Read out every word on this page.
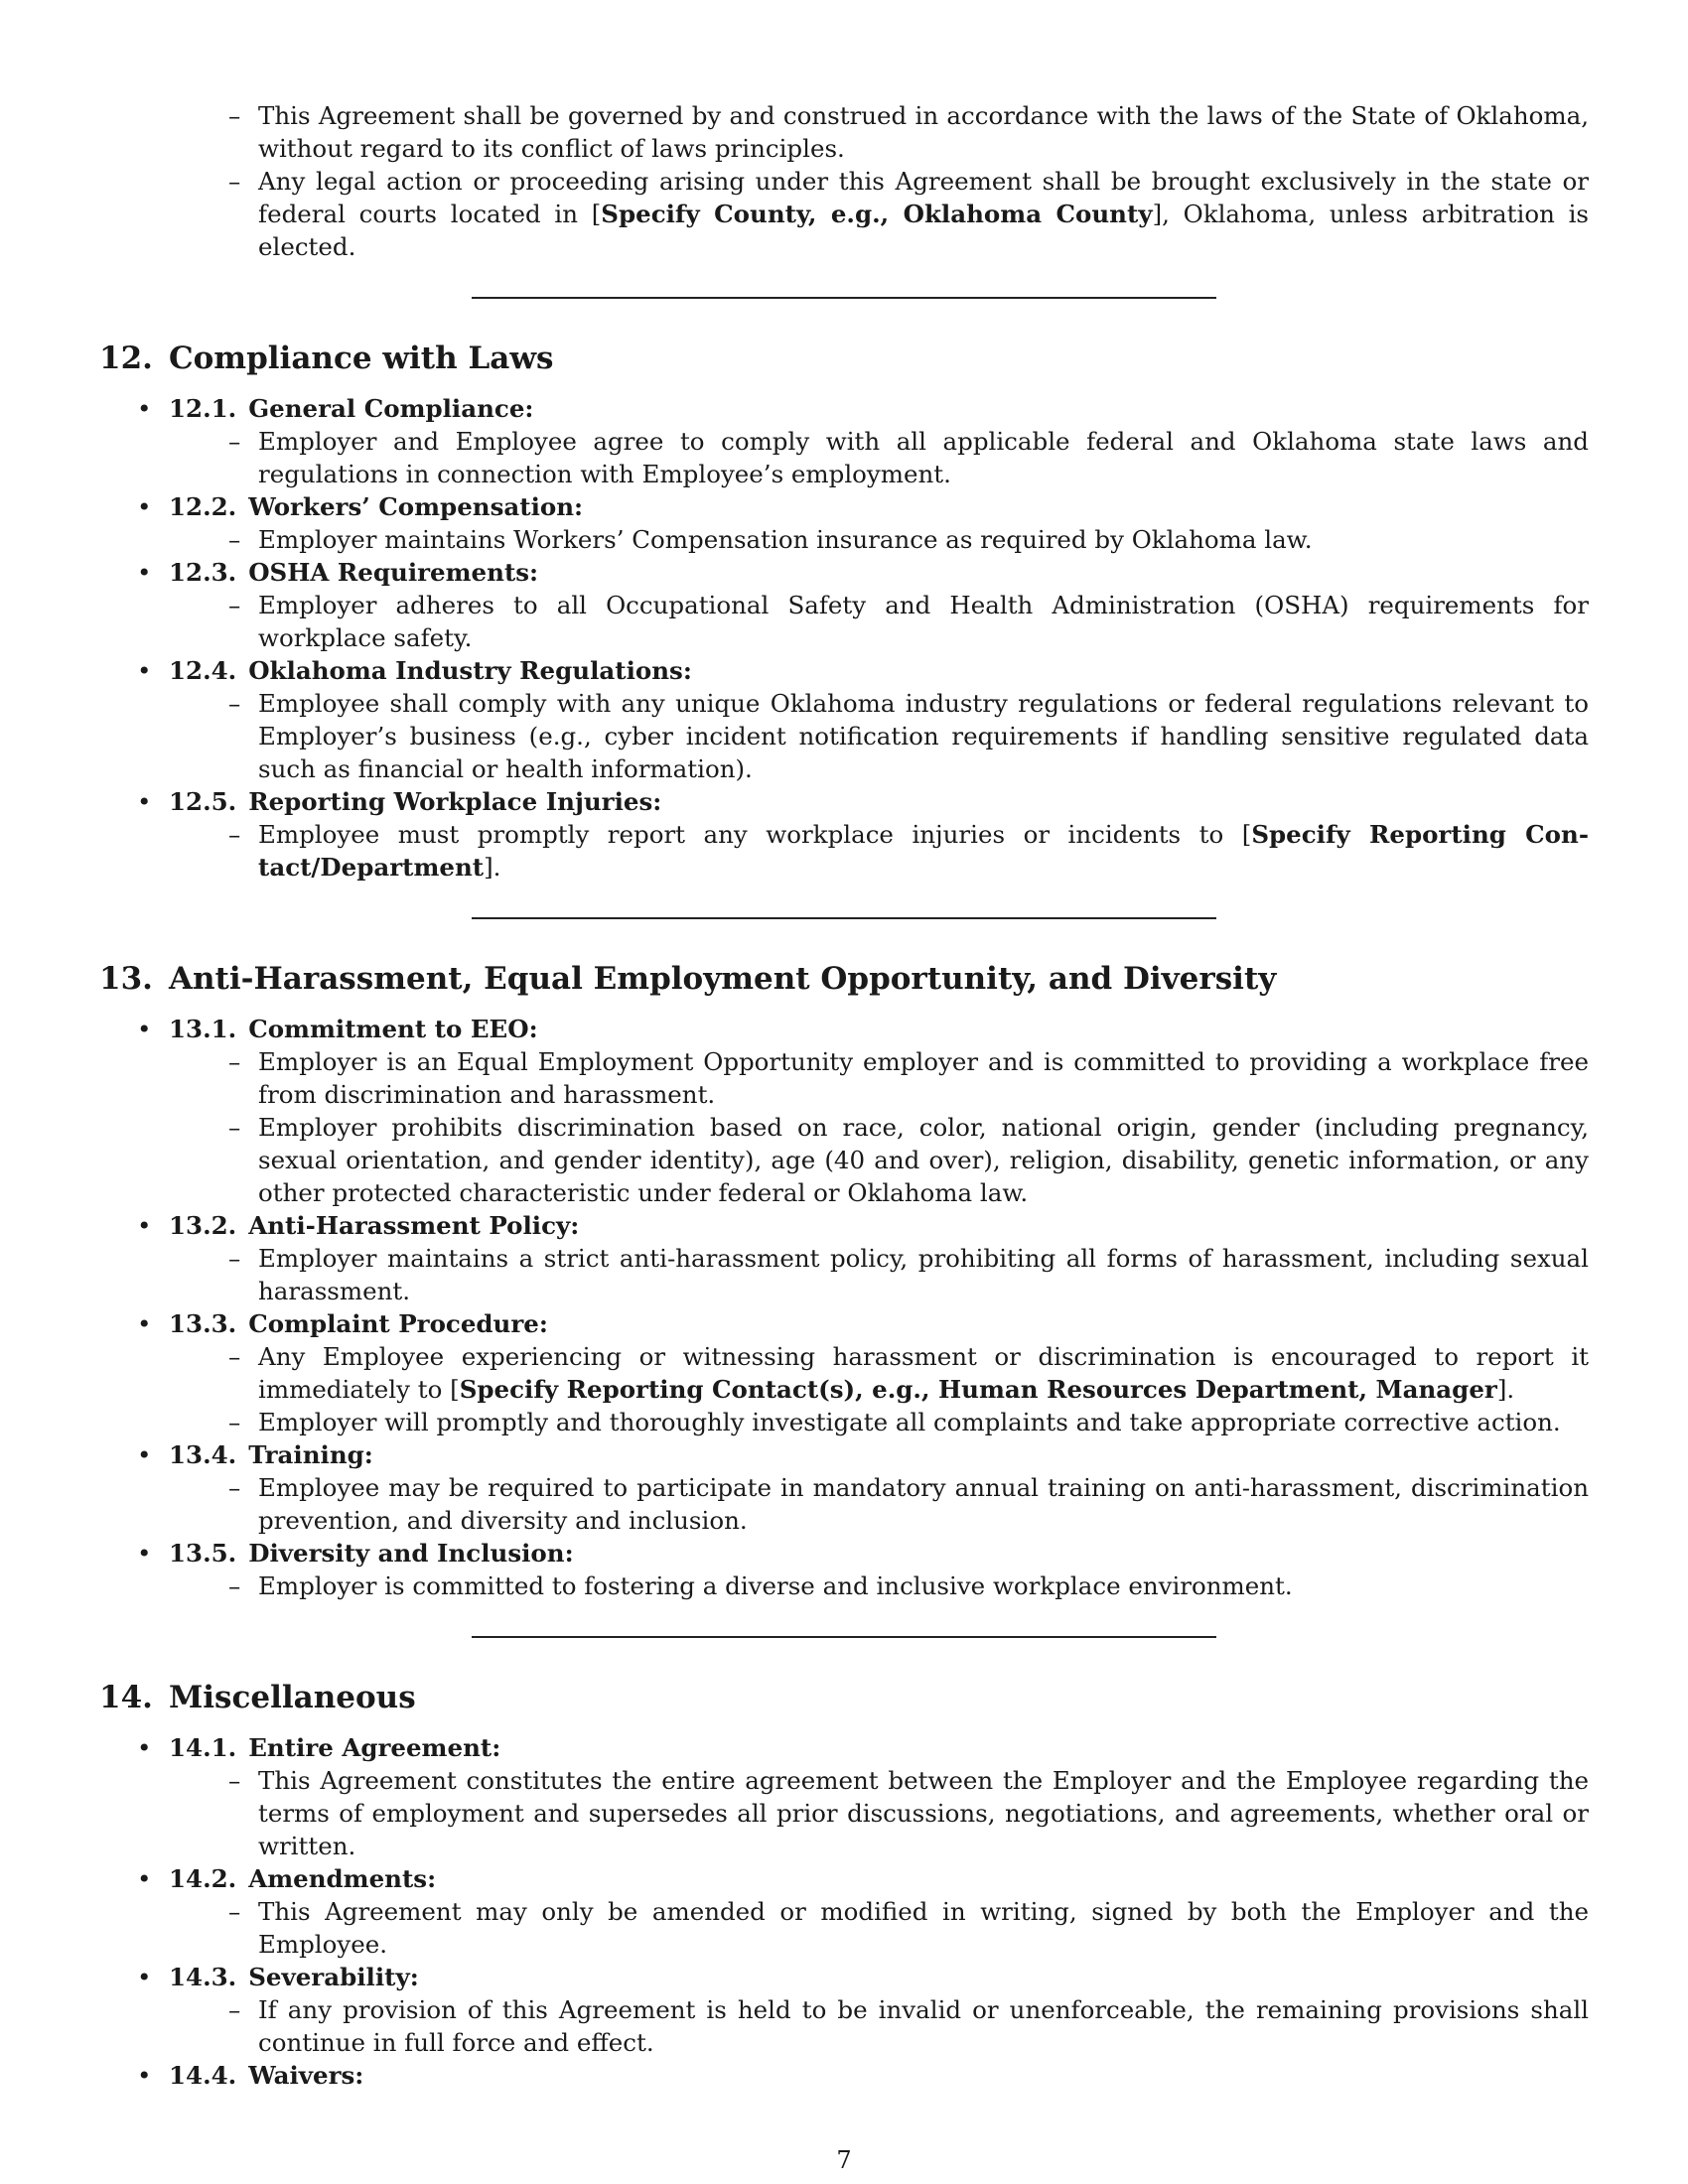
– This Agreement shall be governed by and construed in accordance with the laws of the State of Oklahoma, without regard to its conflict of laws principles.
– Any legal action or proceeding arising under this Agreement shall be brought exclusively in the state or federal courts located in [Specify County, e.g., Oklahoma County], Oklahoma, unless arbitration is elected.
12. Compliance with Laws
• 12.1. General Compliance:
– Employer and Employee agree to comply with all applicable federal and Oklahoma state laws and regulations in connection with Employee’s employment.
• 12.2. Workers’ Compensation:
– Employer maintains Workers’ Compensation insurance as required by Oklahoma law.
• 12.3. OSHA Requirements:
– Employer adheres to all Occupational Safety and Health Administration (OSHA) requirements for workplace safety.
• 12.4. Oklahoma Industry Regulations:
– Employee shall comply with any unique Oklahoma industry regulations or federal regulations relevant to Employer’s business (e.g., cyber incident notification requirements if handling sensitive regulated data such as financial or health information).
• 12.5. Reporting Workplace Injuries:
– Employee must promptly report any workplace injuries or incidents to [Specify Reporting Contact/Department].
13. Anti-Harassment, Equal Employment Opportunity, and Diversity
• 13.1. Commitment to EEO:
– Employer is an Equal Employment Opportunity employer and is committed to providing a workplace free from discrimination and harassment.
– Employer prohibits discrimination based on race, color, national origin, gender (including pregnancy, sexual orientation, and gender identity), age (40 and over), religion, disability, genetic information, or any other protected characteristic under federal or Oklahoma law.
• 13.2. Anti-Harassment Policy:
– Employer maintains a strict anti-harassment policy, prohibiting all forms of harassment, including sexual harassment.
• 13.3. Complaint Procedure:
– Any Employee experiencing or witnessing harassment or discrimination is encouraged to report it immediately to [Specify Reporting Contact(s), e.g., Human Resources Department, Manager].
– Employer will promptly and thoroughly investigate all complaints and take appropriate corrective action.
• 13.4. Training:
– Employee may be required to participate in mandatory annual training on anti-harassment, discrimination prevention, and diversity and inclusion.
• 13.5. Diversity and Inclusion:
– Employer is committed to fostering a diverse and inclusive workplace environment.
14. Miscellaneous
• 14.1. Entire Agreement:
– This Agreement constitutes the entire agreement between the Employer and the Employee regarding the terms of employment and supersedes all prior discussions, negotiations, and agreements, whether oral or written.
• 14.2. Amendments:
– This Agreement may only be amended or modified in writing, signed by both the Employer and the Employee.
• 14.3. Severability:
– If any provision of this Agreement is held to be invalid or unenforceable, the remaining provisions shall continue in full force and effect.
• 14.4. Waivers:
7
